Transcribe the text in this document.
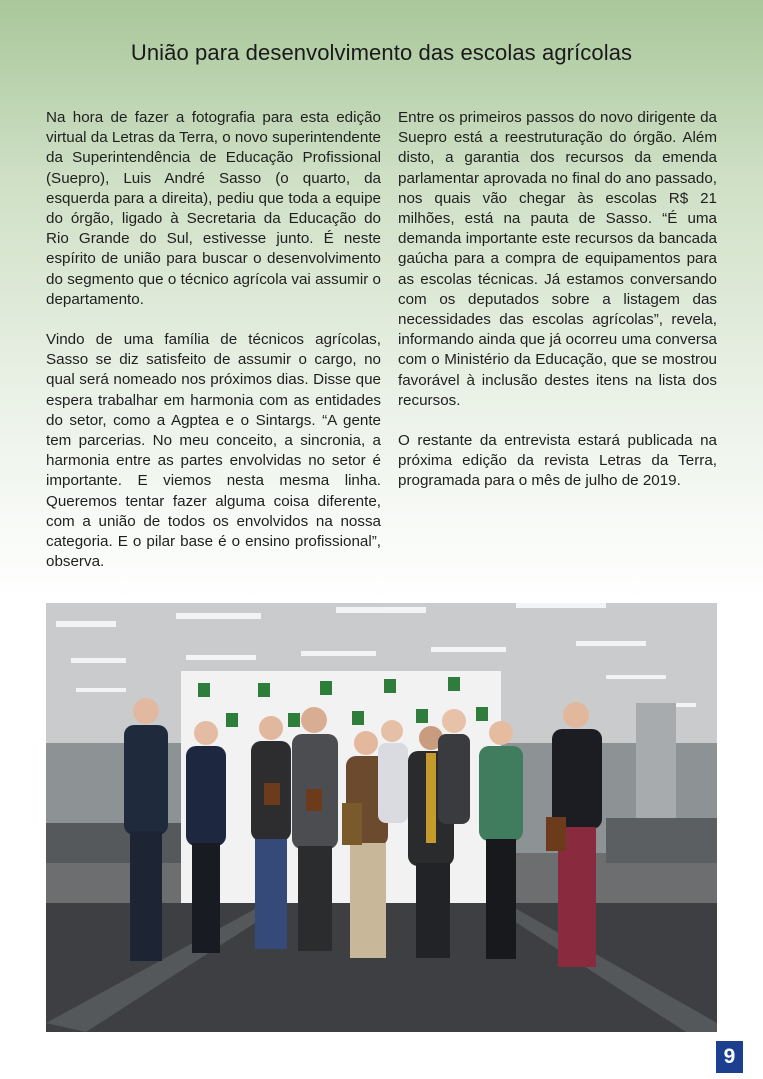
União para desenvolvimento das escolas agrícolas

Na hora de fazer a fotografia para esta edição virtual da Letras da Terra, o novo superintendente da Superintendência de Educação Profissional (Suepro), Luis André Sasso (o quarto, da esquerda para a direita), pediu que toda a equipe do órgão, ligado à Secretaria da Educação do Rio Grande do Sul, estivesse junto. É neste espírito de união para buscar o desenvolvimento do segmento que o técnico agrícola vai assumir o departamento.

Vindo de uma família de técnicos agrícolas, Sasso se diz satisfeito de assumir o cargo, no qual será nomeado nos próximos dias. Disse que espera trabalhar em harmonia com as entidades do setor, como a Agptea e o Sintargs. “A gente tem parcerias. No meu conceito, a sincronia, a harmonia entre as partes envolvidas no setor é importante. E viemos nesta mesma linha. Queremos tentar fazer alguma coisa diferente, com a união de todos os envolvidos na nossa categoria. E o pilar base é o ensino profissional”, observa.

Entre os primeiros passos do novo dirigente da Suepro está a reestruturação do órgão. Além disto, a garantia dos recursos da emenda parlamentar aprovada no final do ano passado, nos quais vão chegar às escolas R$ 21 milhões, está na pauta de Sasso. “É uma demanda importante este recursos da bancada gaúcha para a compra de equipamentos para as escolas técnicas. Já estamos conversando com os deputados sobre a listagem das necessidades das escolas agrícolas”, revela, informando ainda que já ocorreu uma conversa com o Ministério da Educação, que se mostrou favorável à inclusão destes itens na lista dos recursos.

O restante da entrevista estará publicada na próxima edição da revista Letras da Terra, programada para o mês de julho de 2019.

9
